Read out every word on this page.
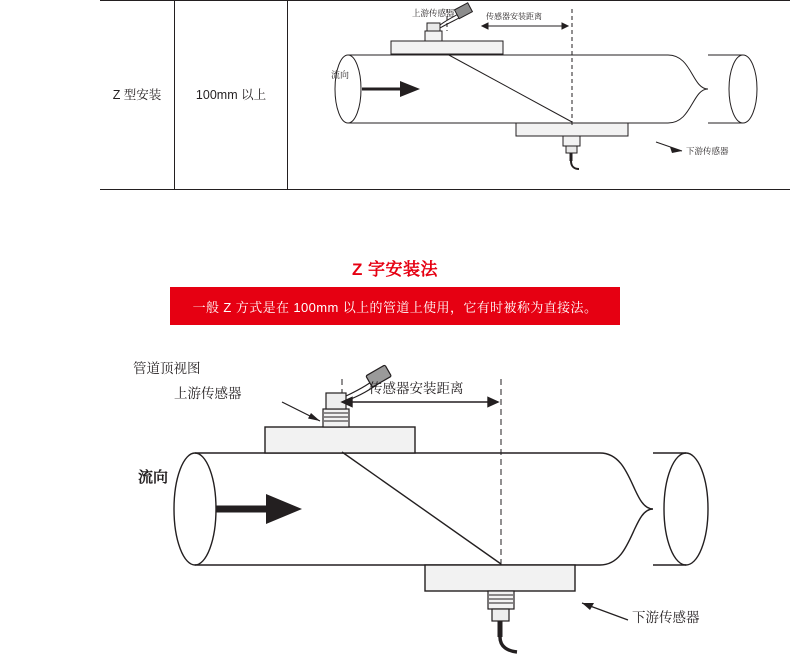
Z 型安装	100mm 以上
上游传感器	传感器安装距离
流向
下游传感器
Z 字安装法
一般 Z 方式是在 100mm 以上的管道上使用，它有时被称为直接法。
管道顶视图
上游传感器	传感器安装距离
流向
下游传感器
